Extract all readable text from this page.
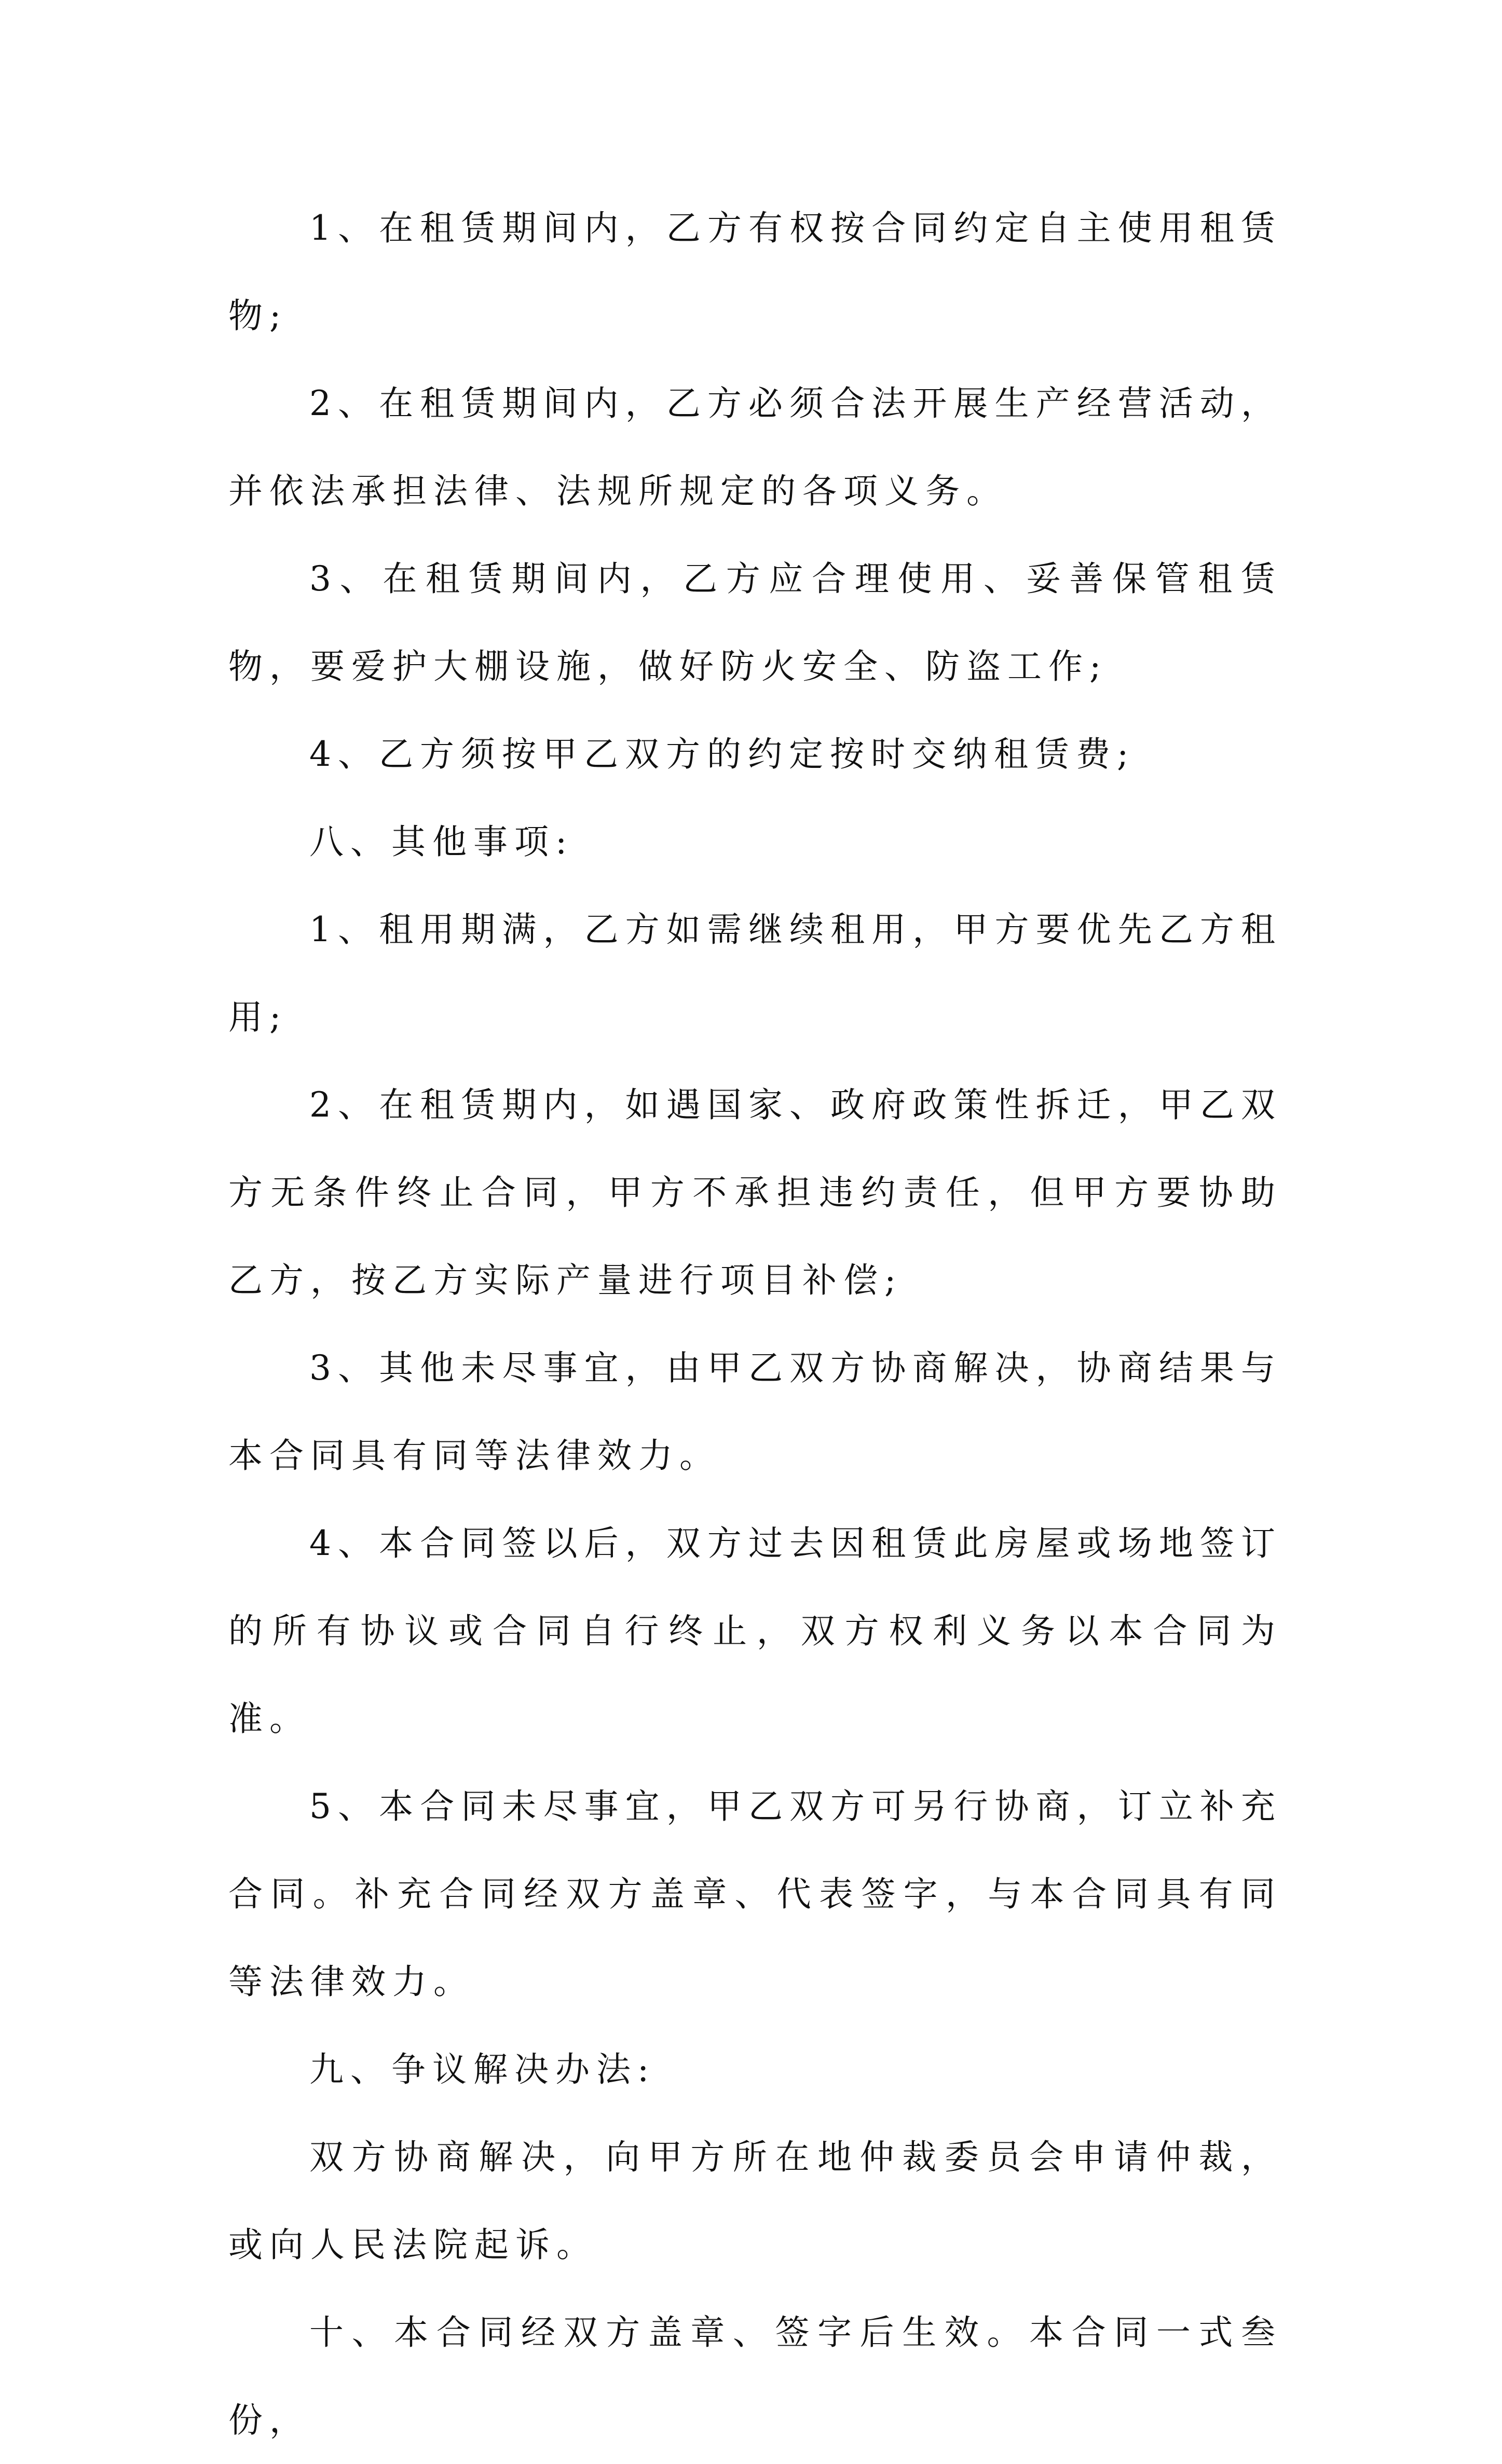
1、在租赁期间内，乙方有权按合同约定自主使用租赁物;

2、在租赁期间内，乙方必须合法开展生产经营活动，并依法承担法律、法规所规定的各项义务。

3、在租赁期间内，乙方应合理使用、妥善保管租赁物，要爱护大棚设施，做好防火安全、防盗工作;

4、乙方须按甲乙双方的约定按时交纳租赁费;

八、其他事项:

1、租用期满，乙方如需继续租用，甲方要优先乙方租用;

2、在租赁期内，如遇国家、政府政策性拆迁，甲乙双方无条件终止合同，甲方不承担违约责任，但甲方要协助乙方，按乙方实际产量进行项目补偿;

3、其他未尽事宜，由甲乙双方协商解决，协商结果与本合同具有同等法律效力。

4、本合同签以后，双方过去因租赁此房屋或场地签订的所有协议或合同自行终止，双方权利义务以本合同为准。

5、本合同未尽事宜，甲乙双方可另行协商，订立补充合同。补充合同经双方盖章、代表签字，与本合同具有同等法律效力。

九、争议解决办法:

双方协商解决，向甲方所在地仲裁委员会申请仲裁，或向人民法院起诉。

十、本合同经双方盖章、签字后生效。本合同一式叁份，
